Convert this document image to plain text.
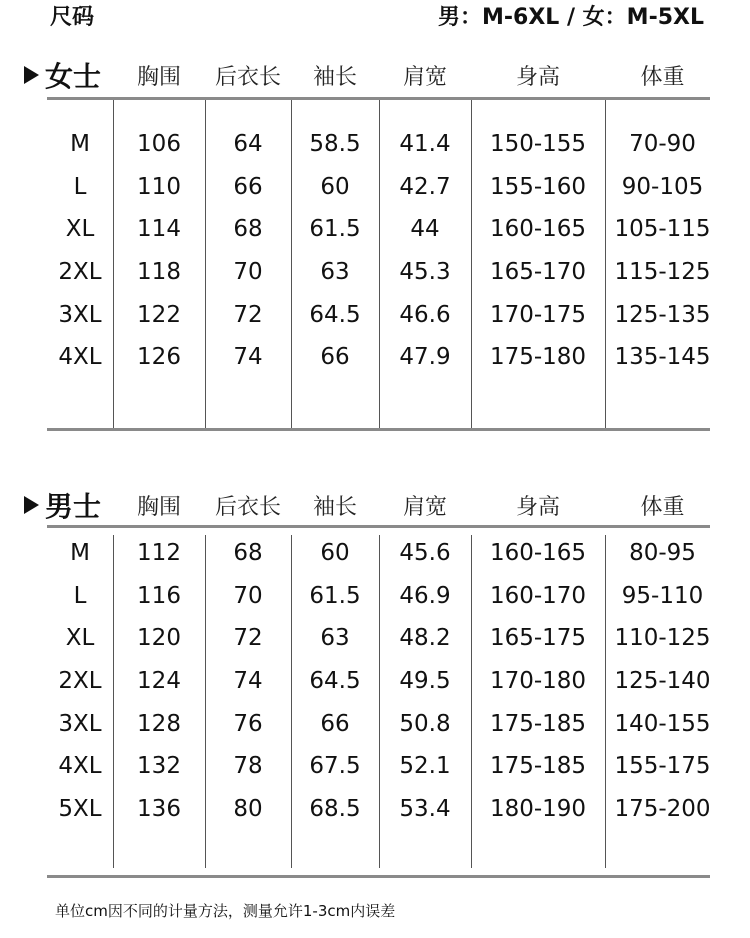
尺码	男：M-6XL / 女：M-5XL
女士	胸围	后衣长	袖长	肩宽	身高	体重
M	106	64	58.5	41.4	150-155	70-90
L	110	66	60	42.7	155-160	90-105
XL	114	68	61.5	44	160-165	105-115
2XL	118	70	63	45.3	165-170	115-125
3XL	122	72	64.5	46.6	170-175	125-135
4XL	126	74	66	47.9	175-180	135-145
男士	胸围	后衣长	袖长	肩宽	身高	体重
M	112	68	60	45.6	160-165	80-95
L	116	70	61.5	46.9	160-170	95-110
XL	120	72	63	48.2	165-175	110-125
2XL	124	74	64.5	49.5	170-180	125-140
3XL	128	76	66	50.8	175-185	140-155
4XL	132	78	67.5	52.1	175-185	155-175
5XL	136	80	68.5	53.4	180-190	175-200
单位cm因不同的计量方法，测量允许1-3cm内误差
